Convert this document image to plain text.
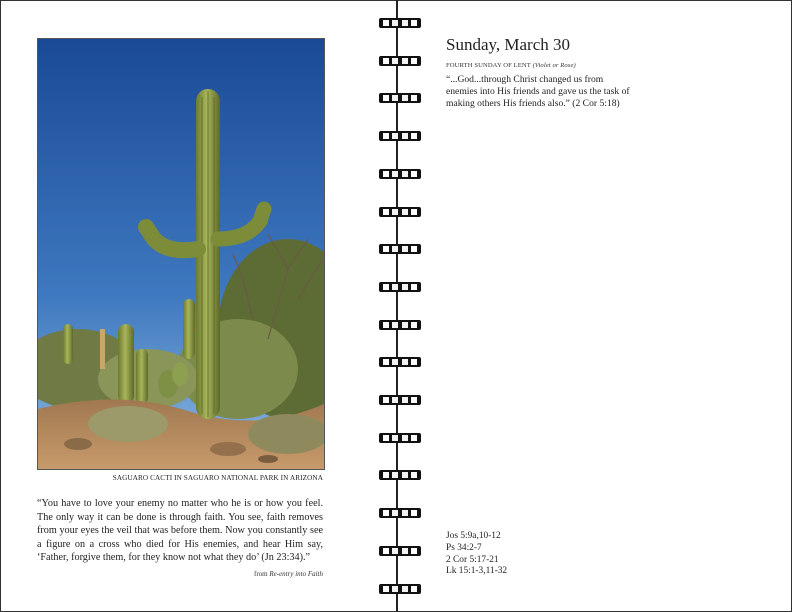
SAGUARO CACTI IN SAGUARO NATIONAL PARK IN ARIZONA
“You have to love your enemy no matter who he is or how you feel. The only way it can be done is through faith. You see, faith removes from your eyes the veil that was before them. Now you constantly see a figure on a cross who died for His enemies, and hear Him say, ‘Father, forgive them, for they know not what they do’ (Jn 23:34).”
from Re-entry into Faith
Sunday, March 30
FOURTH SUNDAY OF LENT (Violet or Rose)
“...God...through Christ changed us from enemies into His friends and gave us the task of making others His friends also.” (2 Cor 5:18)
Jos 5:9a,10-12
Ps 34:2-7
2 Cor 5:17-21
Lk 15:1-3,11-32
